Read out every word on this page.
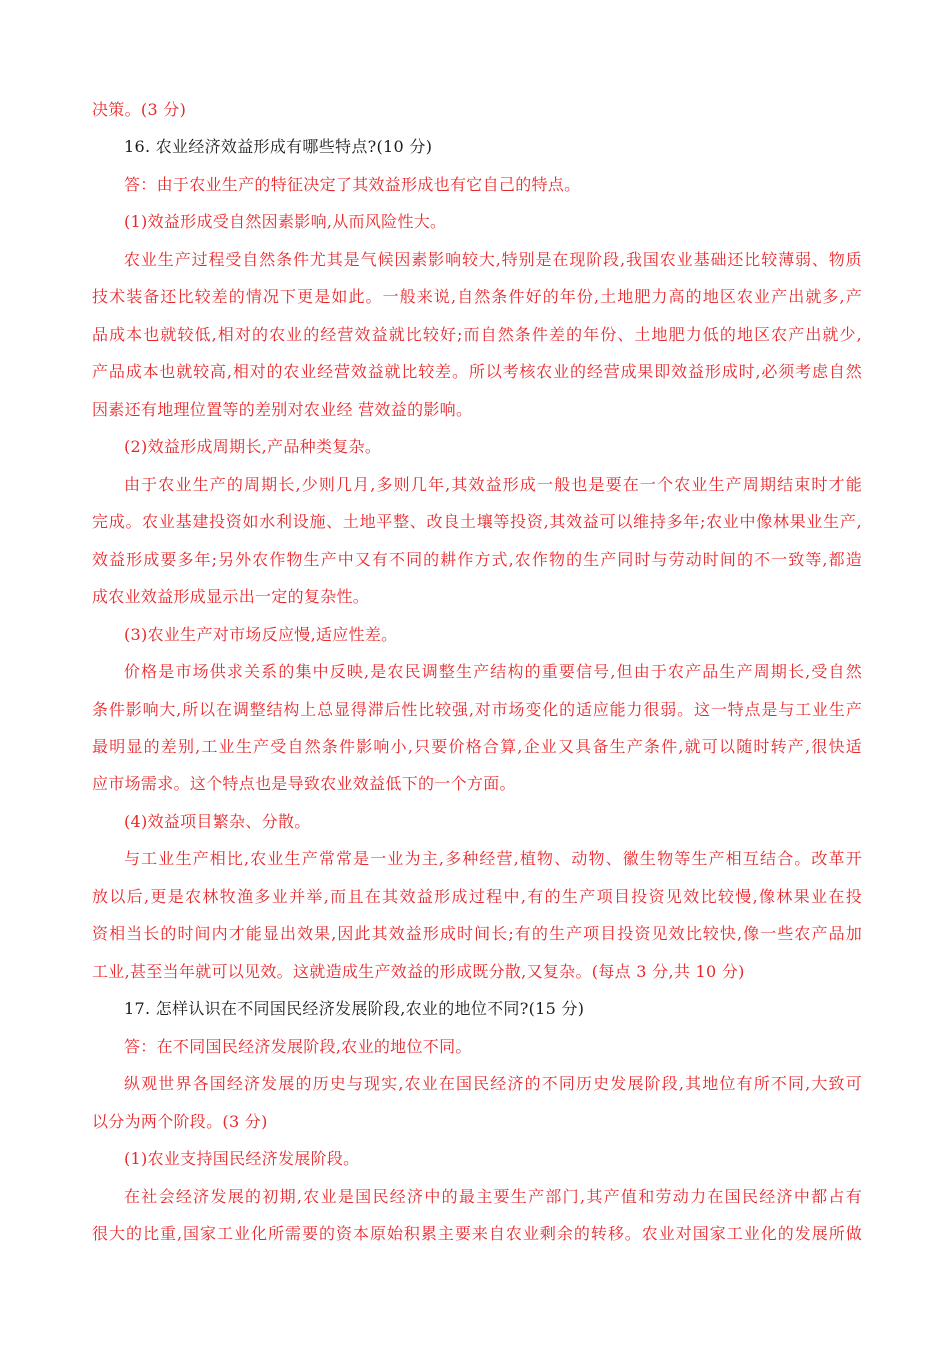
决策。(3 分)
16. 农业经济效益形成有哪些特点?(10 分)
答：由于农业生产的特征决定了其效益形成也有它自己的特点。
(1)效益形成受自然因素影响,从而风险性大。
农业生产过程受自然条件尤其是气候因素影响较大,特别是在现阶段,我国农业基础还比较薄弱、物质
技术装备还比较差的情况下更是如此。一般来说,自然条件好的年份,土地肥力高的地区农业产出就多,产
品成本也就较低,相对的农业的经营效益就比较好;而自然条件差的年份、土地肥力低的地区农产出就少,
产品成本也就较高,相对的农业经营效益就比较差。所以考核农业的经营成果即效益形成时,必须考虑自然
因素还有地理位置等的差别对农业经 营效益的影响。
(2)效益形成周期长,产品种类复杂。
由于农业生产的周期长,少则几月,多则几年,其效益形成一般也是要在一个农业生产周期结束时才能
完成。农业基建投资如水利设施、土地平整、改良土壤等投资,其效益可以维持多年;农业中像林果业生产,
效益形成要多年;另外农作物生产中又有不同的耕作方式,农作物的生产同时与劳动时间的不一致等,都造
成农业效益形成显示出一定的复杂性。
(3)农业生产对市场反应慢,适应性差。
价格是市场供求关系的集中反映,是农民调整生产结构的重要信号,但由于农产品生产周期长,受自然
条件影响大,所以在调整结构上总显得滞后性比较强,对市场变化的适应能力很弱。这一特点是与工业生产
最明显的差别,工业生产受自然条件影响小,只要价格合算,企业又具备生产条件,就可以随时转产,很快适
应市场需求。这个特点也是导致农业效益低下的一个方面。
(4)效益项目繁杂、分散。
与工业生产相比,农业生产常常是一业为主,多种经营,植物、动物、徽生物等生产相互结合。改革开
放以后,更是农林牧渔多业并举,而且在其效益形成过程中,有的生产项目投资见效比较慢,像林果业在投
资相当长的时间内才能显出效果,因此其效益形成时间长;有的生产项目投资见效比较快,像一些农产品加
工业,甚至当年就可以见效。这就造成生产效益的形成既分散,又复杂。(每点 3 分,共 10 分)
17. 怎样认识在不同国民经济发展阶段,农业的地位不同?(15 分)
答：在不同国民经济发展阶段,农业的地位不同。
纵观世界各国经济发展的历史与现实,农业在国民经济的不同历史发展阶段,其地位有所不同,大致可
以分为两个阶段。(3 分)
(1)农业支持国民经济发展阶段。
在社会经济发展的初期,农业是国民经济中的最主要生产部门,其产值和劳动力在国民经济中都占有
很大的比重,国家工业化所需要的资本原始积累主要来自农业剩余的转移。农业对国家工业化的发展所做
